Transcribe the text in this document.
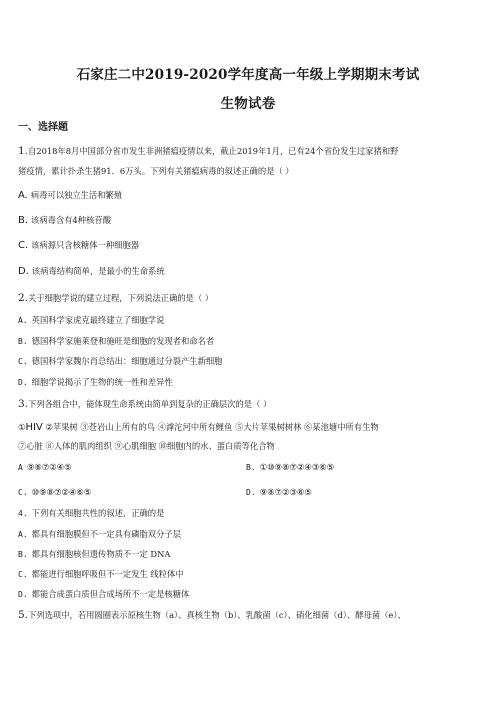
石家庄二中2019-2020学年度高一年级上学期期末考试
生物试卷
一、选择题
1.自2018年8月中国部分省市发生非洲猪瘟疫情以来，截止2019年1月，已有24个省份发生过家猪和野
猪疫情，累计扑杀生猪91．6万头。下列有关猪瘟病毒的叙述正确的是（ ）
A. 病毒可以独立生活和繁殖
B. 该病毒含有4种核苷酸
C. 该病源只含核糖体一种细胞器
D. 该病毒结构简单，是最小的生命系统
2.关于细胞学说的建立过程，下列说法正确的是（ ）
A. 英国科学家虎克最终建立了细胞学说
B. 德国科学家施莱登和施旺是细胞的发现者和命名者
C. 德国科学家魏尔肖总结出：细胞通过分裂产生新细胞
D. 细胞学说揭示了生物的统一性和差异性
3.下列各组合中，能体现生命系统由简单到复杂的正确层次的是（ ）
①HIV ②苹果树 ③苍岩山上所有的鸟 ④滹沱河中所有鲤鱼 ⑤大片苹果树树林 ⑥某池塘中所有生物
⑦心脏 ⑧人体的肌肉组织 ⑨心肌细胞 ⑩细胞内的水、蛋白质等化合物
A ⑨⑧⑦②④⑤	B. ①⑩⑨⑧⑦②④③⑥⑤
C. ⑩⑨⑧⑦②④⑥⑤	D. ⑨⑧⑦②③⑥⑤
4. 下列有关细胞共性的叙述，正确的是
A. 都具有细胞膜但不一定具有磷脂双分子层
B. 都具有细胞核但遗传物质不一定 DNA
C. 都能进行细胞呼吸但不一定发生 线粒体中
D. 都能合成蛋白质但合成场所不一定是核糖体
5.下列选项中，若用圆圈表示原核生物（a）、真核生物（b）、乳酸菌（c）、硝化细菌（d）、酵母菌（e）、
